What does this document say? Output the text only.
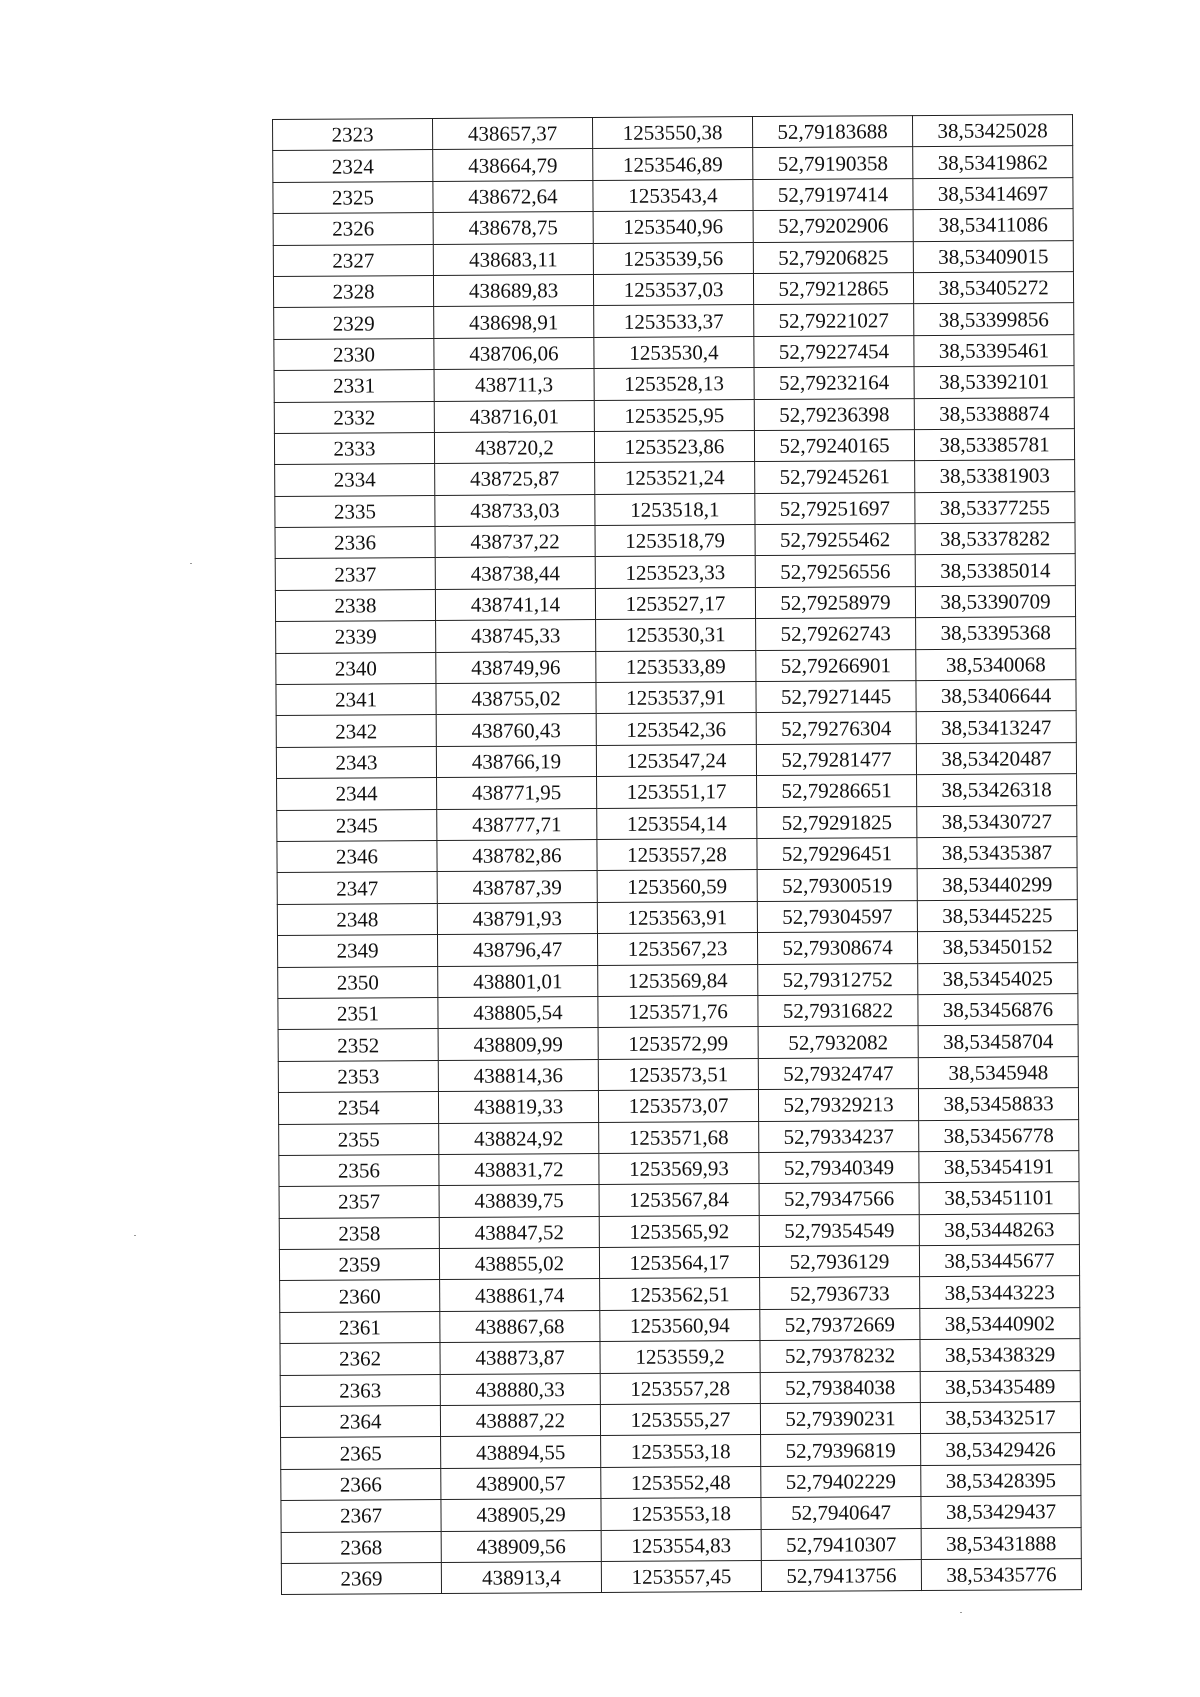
2323	438657,37	1253550,38	52,79183688	38,53425028
2324	438664,79	1253546,89	52,79190358	38,53419862
2325	438672,64	1253543,4	52,79197414	38,53414697
2326	438678,75	1253540,96	52,79202906	38,53411086
2327	438683,11	1253539,56	52,79206825	38,53409015
2328	438689,83	1253537,03	52,79212865	38,53405272
2329	438698,91	1253533,37	52,79221027	38,53399856
2330	438706,06	1253530,4	52,79227454	38,53395461
2331	438711,3	1253528,13	52,79232164	38,53392101
2332	438716,01	1253525,95	52,79236398	38,53388874
2333	438720,2	1253523,86	52,79240165	38,53385781
2334	438725,87	1253521,24	52,79245261	38,53381903
2335	438733,03	1253518,1	52,79251697	38,53377255
2336	438737,22	1253518,79	52,79255462	38,53378282
2337	438738,44	1253523,33	52,79256556	38,53385014
2338	438741,14	1253527,17	52,79258979	38,53390709
2339	438745,33	1253530,31	52,79262743	38,53395368
2340	438749,96	1253533,89	52,79266901	38,5340068
2341	438755,02	1253537,91	52,79271445	38,53406644
2342	438760,43	1253542,36	52,79276304	38,53413247
2343	438766,19	1253547,24	52,79281477	38,53420487
2344	438771,95	1253551,17	52,79286651	38,53426318
2345	438777,71	1253554,14	52,79291825	38,53430727
2346	438782,86	1253557,28	52,79296451	38,53435387
2347	438787,39	1253560,59	52,79300519	38,53440299
2348	438791,93	1253563,91	52,79304597	38,53445225
2349	438796,47	1253567,23	52,79308674	38,53450152
2350	438801,01	1253569,84	52,79312752	38,53454025
2351	438805,54	1253571,76	52,79316822	38,53456876
2352	438809,99	1253572,99	52,7932082	38,53458704
2353	438814,36	1253573,51	52,79324747	38,5345948
2354	438819,33	1253573,07	52,79329213	38,53458833
2355	438824,92	1253571,68	52,79334237	38,53456778
2356	438831,72	1253569,93	52,79340349	38,53454191
2357	438839,75	1253567,84	52,79347566	38,53451101
2358	438847,52	1253565,92	52,79354549	38,53448263
2359	438855,02	1253564,17	52,7936129	38,53445677
2360	438861,74	1253562,51	52,7936733	38,53443223
2361	438867,68	1253560,94	52,79372669	38,53440902
2362	438873,87	1253559,2	52,79378232	38,53438329
2363	438880,33	1253557,28	52,79384038	38,53435489
2364	438887,22	1253555,27	52,79390231	38,53432517
2365	438894,55	1253553,18	52,79396819	38,53429426
2366	438900,57	1253552,48	52,79402229	38,53428395
2367	438905,29	1253553,18	52,7940647	38,53429437
2368	438909,56	1253554,83	52,79410307	38,53431888
2369	438913,4	1253557,45	52,79413756	38,53435776
